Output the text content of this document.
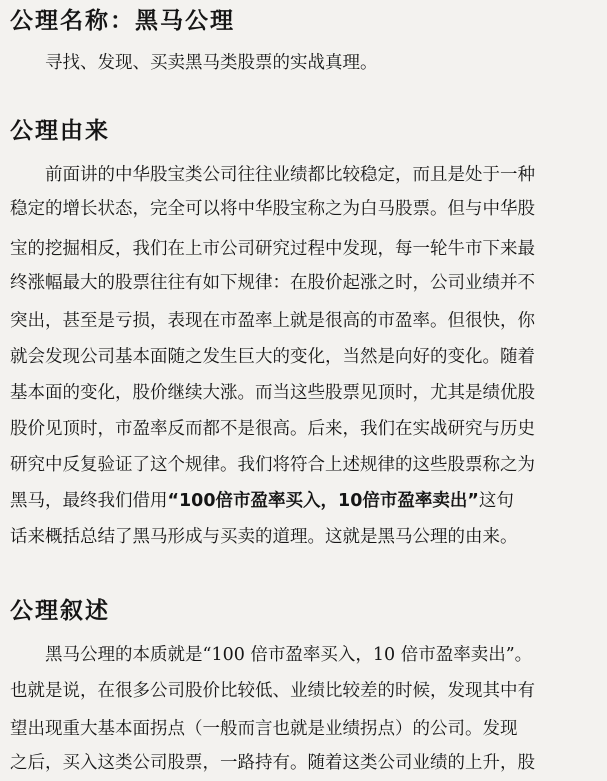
公理名称：黑马公理

寻找、发现、买卖黑马类股票的实战真理。

公理由来

前面讲的中华股宝类公司往往业绩都比较稳定，而且是处于一种

稳定的增长状态，完全可以将中华股宝称之为白马股票。但与中华股

宝的挖掘相反，我们在上市公司研究过程中发现，每一轮牛市下来最

终涨幅最大的股票往往有如下规律：在股价起涨之时，公司业绩并不

突出，甚至是亏损，表现在市盈率上就是很高的市盈率。但很快，你

就会发现公司基本面随之发生巨大的变化，当然是向好的变化。随着

基本面的变化，股价继续大涨。而当这些股票见顶时，尤其是绩优股

股价见顶时，市盈率反而都不是很高。后来，我们在实战研究与历史

研究中反复验证了这个规律。我们将符合上述规律的这些股票称之为

黑马，最终我们借用“100倍市盈率买入，10倍市盈率卖出”这句

话来概括总结了黑马形成与买卖的道理。这就是黑马公理的由来。

公理叙述

黑马公理的本质就是“100 倍市盈率买入，10 倍市盈率卖出”。

也就是说，在很多公司股价比较低、业绩比较差的时候，发现其中有

望出现重大基本面拐点（一般而言也就是业绩拐点）的公司。发现

之后，买入这类公司股票，一路持有。随着这类公司业绩的上升，股
